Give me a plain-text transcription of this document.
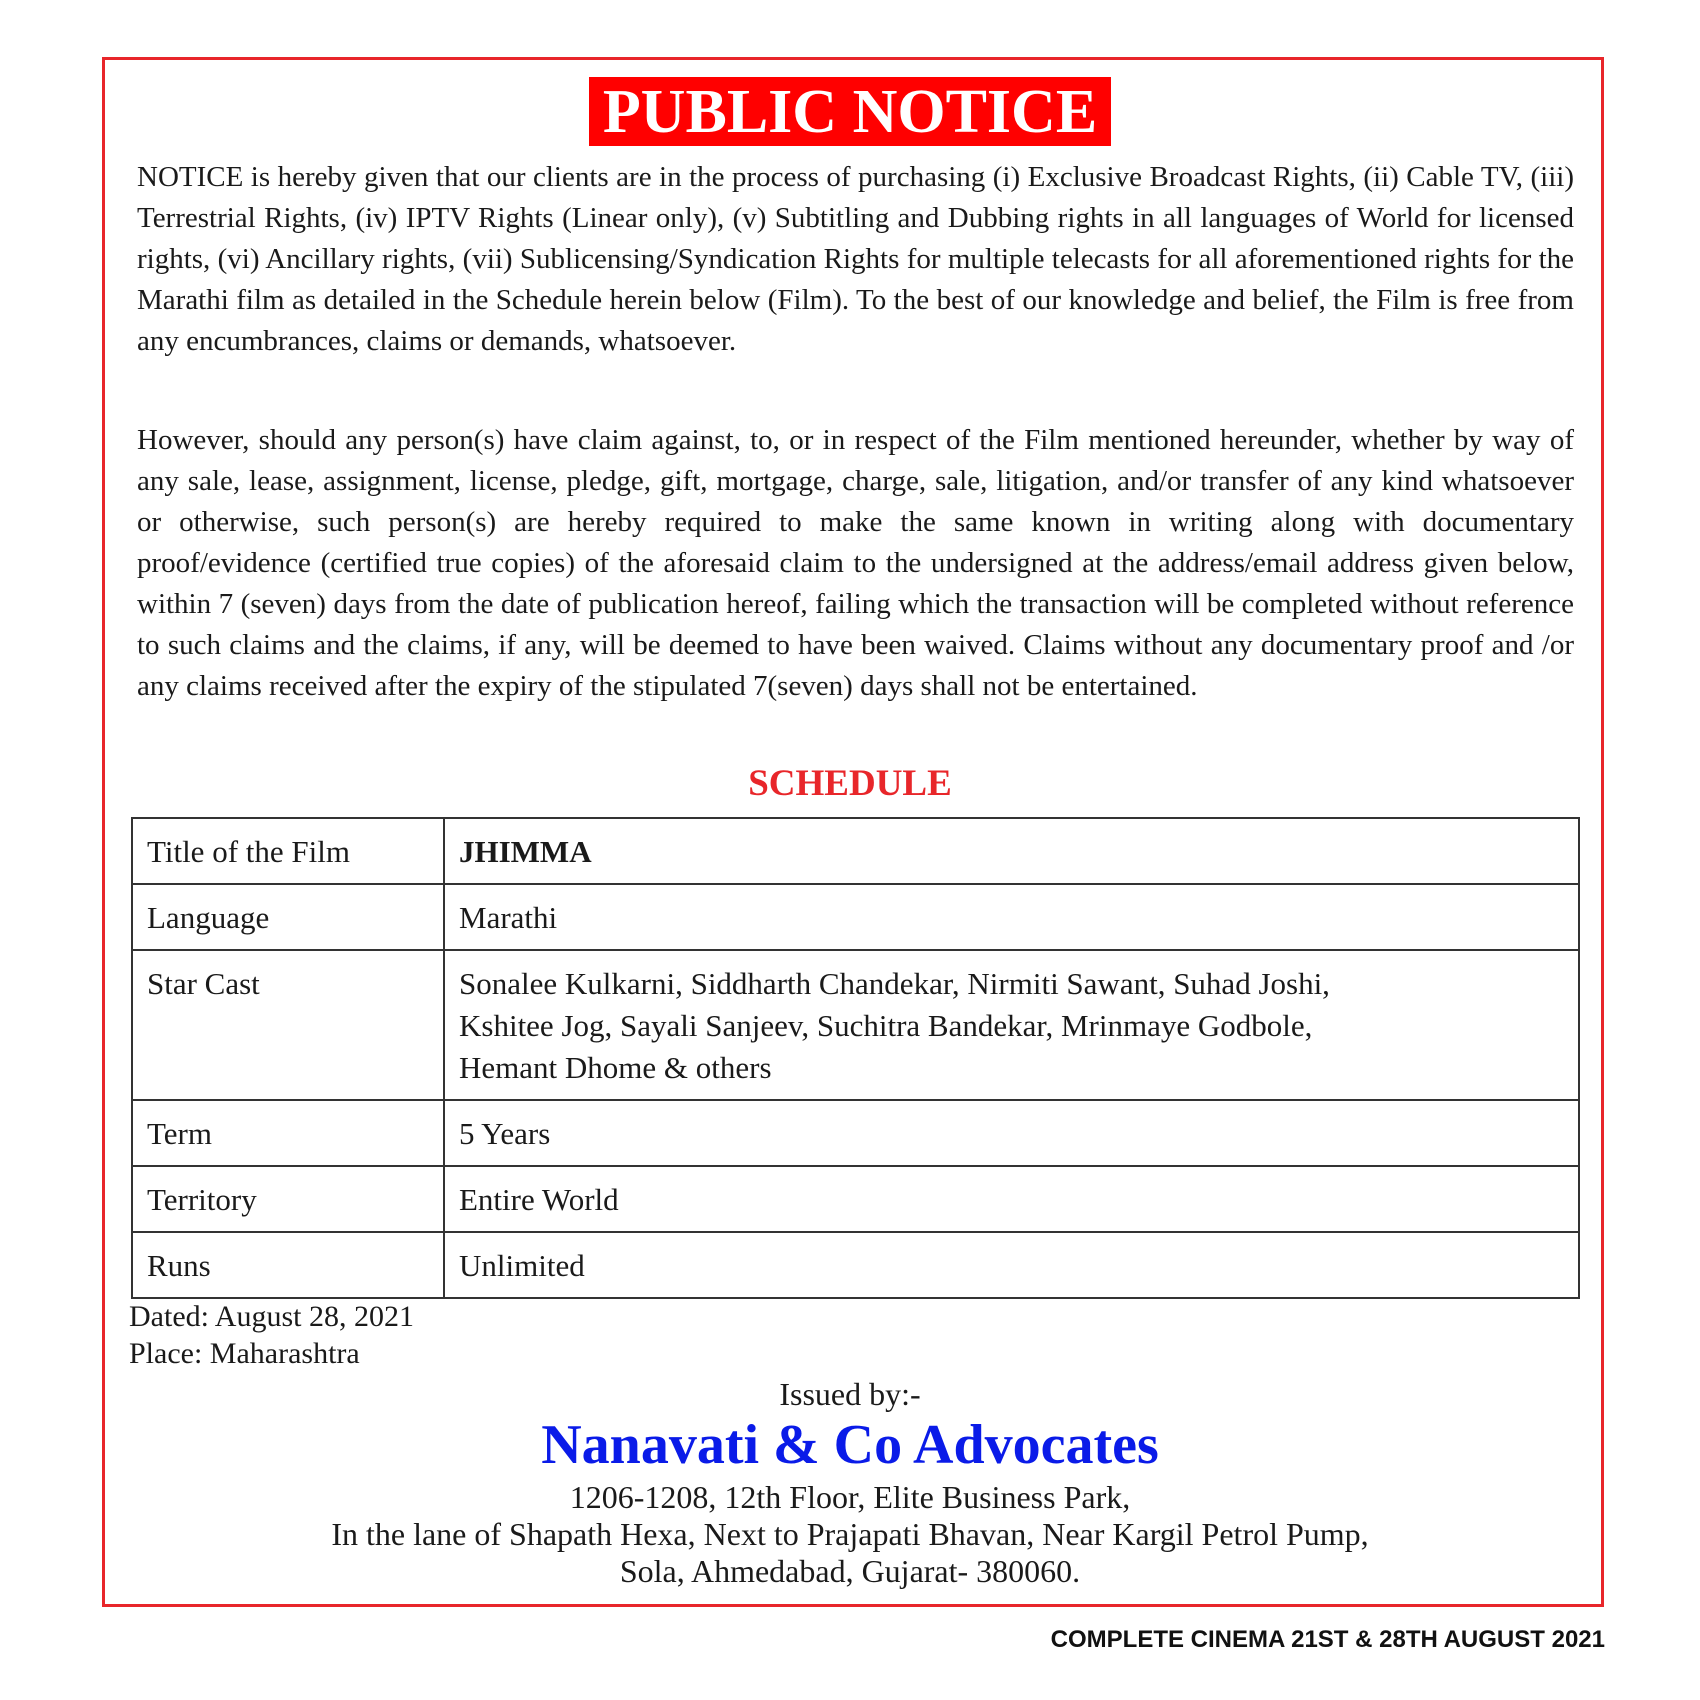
PUBLIC NOTICE

NOTICE is hereby given that our clients are in the process of purchasing (i) Exclusive Broadcast Rights, (ii) Cable TV, (iii) Terrestrial Rights, (iv) IPTV Rights (Linear only), (v) Subtitling and Dubbing rights in all languages of World for licensed rights, (vi) Ancillary rights, (vii) Sublicensing/Syndication Rights for multiple telecasts for all aforementioned rights for the Marathi film as detailed in the Schedule herein below (Film). To the best of our knowledge and belief, the Film is free from any encumbrances, claims or demands, whatsoever.

However, should any person(s) have claim against, to, or in respect of the Film mentioned hereunder, whether by way of any sale, lease, assignment, license, pledge, gift, mortgage, charge, sale, litigation, and/or transfer of any kind whatsoever or otherwise, such person(s) are hereby required to make the same known in writing along with documentary proof/evidence (certified true copies) of the aforesaid claim to the undersigned at the address/email address given below, within 7 (seven) days from the date of publication hereof, failing which the transaction will be completed without reference to such claims and the claims, if any, will be deemed to have been waived. Claims without any documentary proof and /or any claims received after the expiry of the stipulated 7(seven) days shall not be entertained.

SCHEDULE
Title of the Film	JHIMMA
Language	Marathi
Star Cast	Sonalee Kulkarni, Siddharth Chandekar, Nirmiti Sawant, Suhad Joshi,
Kshitee Jog, Sayali Sanjeev, Suchitra Bandekar, Mrinmaye Godbole,
Hemant Dhome & others

Term	5 Years
Territory	Entire World
Runs	Unlimited
Dated: August 28, 2021
Place: Maharashtra
Issued by:-
Nanavati & Co Advocates
1206-1208, 12th Floor, Elite Business Park,
In the lane of Shapath Hexa, Next to Prajapati Bhavan, Near Kargil Petrol Pump,
Sola, Ahmedabad, Gujarat- 380060.
COMPLETE CINEMA 21ST & 28TH AUGUST 2021
